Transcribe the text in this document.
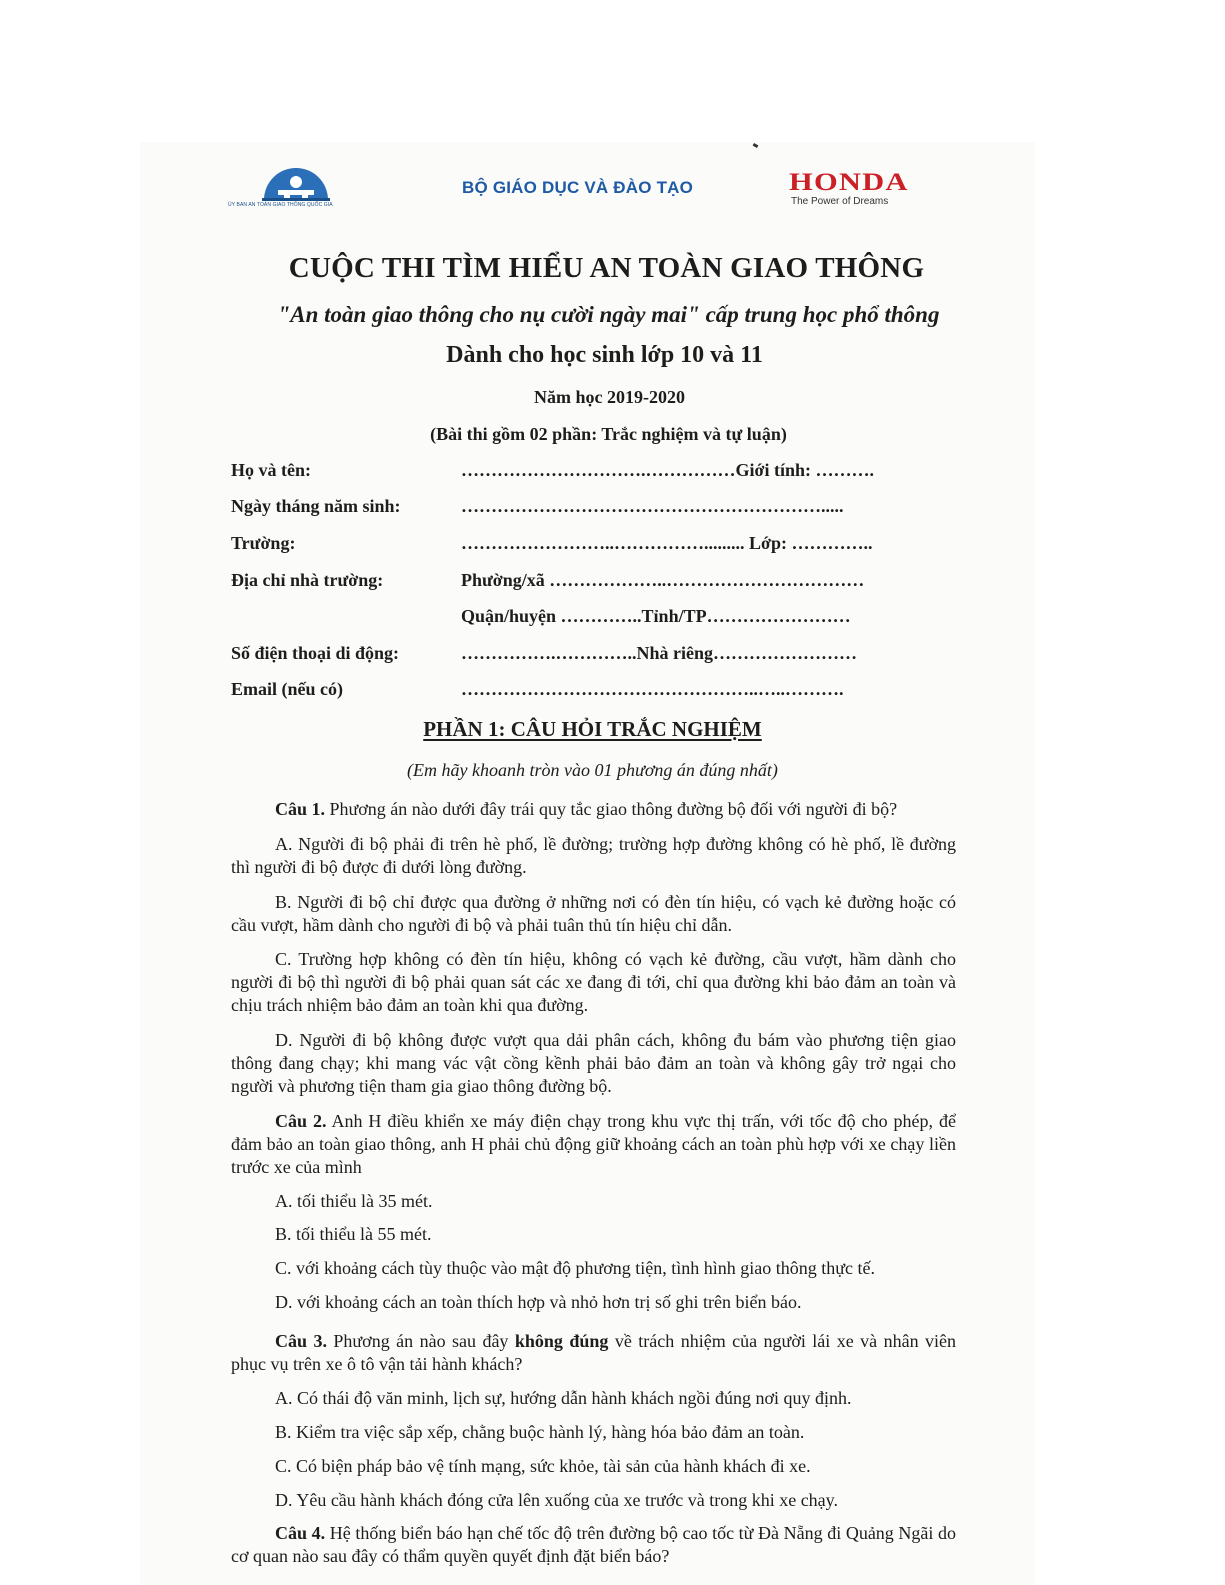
ỦY BAN AN TOÀN GIAO THÔNG QUỐC GIA
BỘ GIÁO DỤC VÀ ĐÀO TẠO	HONDA
The Power of Dreams
CUỘC THI TÌM HIỂU AN TOÀN GIAO THÔNG
"An toàn giao thông cho nụ cười ngày mai" cấp trung học phổ thông
Dành cho học sinh lớp 10 và 11
Năm học 2019-2020
(Bài thi gồm 02 phần: Trắc nghiệm và tự luận)
Họ và tên:	………………………….……………Giới tính: ……….
Ngày tháng năm sinh:	…………………………………………………….....
Trường:	……………………..……………......... Lớp: …………..
Địa chỉ nhà trường:	Phường/xã ………………..……………………………
Quận/huyện …………..Tỉnh/TP……………………
Số điện thoại di động:	…………….…………..Nhà riêng……………………
Email (nếu có)	…………………………………………..…..……….
PHẦN 1: CÂU HỎI TRẮC NGHIỆM
(Em hãy khoanh tròn vào 01 phương án đúng nhất)
Câu 1. Phương án nào dưới đây trái quy tắc giao thông đường bộ đối với người đi bộ?
A. Người đi bộ phải đi trên hè phố, lề đường; trường hợp đường không có hè phố, lề đường thì người đi bộ được đi dưới lòng đường.
B. Người đi bộ chỉ được qua đường ở những nơi có đèn tín hiệu, có vạch kẻ đường hoặc có cầu vượt, hầm dành cho người đi bộ và phải tuân thủ tín hiệu chỉ dẫn.
C. Trường hợp không có đèn tín hiệu, không có vạch kẻ đường, cầu vượt, hầm dành cho người đi bộ thì người đi bộ phải quan sát các xe đang đi tới, chỉ qua đường khi bảo đảm an toàn và chịu trách nhiệm bảo đảm an toàn khi qua đường.
D. Người đi bộ không được vượt qua dải phân cách, không đu bám vào phương tiện giao thông đang chạy; khi mang vác vật cồng kềnh phải bảo đảm an toàn và không gây trở ngại cho người và phương tiện tham gia giao thông đường bộ.
Câu 2. Anh H điều khiển xe máy điện chạy trong khu vực thị trấn, với tốc độ cho phép, để đảm bảo an toàn giao thông, anh H phải chủ động giữ khoảng cách an toàn phù hợp với xe chạy liền trước xe của mình
A. tối thiểu là 35 mét.
B. tối thiểu là 55 mét.
C. với khoảng cách tùy thuộc vào mật độ phương tiện, tình hình giao thông thực tế.
D. với khoảng cách an toàn thích hợp và nhỏ hơn trị số ghi trên biển báo.
Câu 3. Phương án nào sau đây không đúng về trách nhiệm của người lái xe và nhân viên phục vụ trên xe ô tô vận tải hành khách?
A. Có thái độ văn minh, lịch sự, hướng dẫn hành khách ngồi đúng nơi quy định.
B. Kiểm tra việc sắp xếp, chằng buộc hành lý, hàng hóa bảo đảm an toàn.
C. Có biện pháp bảo vệ tính mạng, sức khỏe, tài sản của hành khách đi xe.
D. Yêu cầu hành khách đóng cửa lên xuống của xe trước và trong khi xe chạy.
Câu 4. Hệ thống biển báo hạn chế tốc độ trên đường bộ cao tốc từ Đà Nẵng đi Quảng Ngãi do cơ quan nào sau đây có thẩm quyền quyết định đặt biển báo?
